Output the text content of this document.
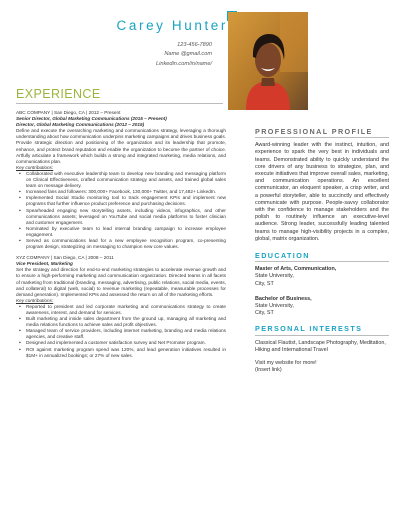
Carey Hunter
123-456-7890
Name @gmail.com
Linkedin.com/in/name/
EXPERIENCE

ABC COMPANY | San Diego, CA | 2012 – Present

Senior Director, Global Marketing Communications (2015 – Present)

Director, Global Marketing Communications (2012 – 2015)

Define and execute the overarching marketing and communications strategy, leveraging a thorough understanding about how communication underpins marketing campaigns and drives business goals. Provide strategic direction and positioning of the organization and its leadership that promote, enhance, and protect brand reputation and enable the organization to become the partner of choice. Artfully articulate a framework which builds a strong and integrated marketing, media relations, and communications plan.

Key contributions:

▪ Collaborated with executive leadership team to develop new branding and messaging platform on Clinical Effectiveness, crafted communication strategy and assets, and trained global sales team on message delivery.
▪ Increased fans and followers: 300,000+ Facebook, 130,000+ Twitter, and 17,482+ LinkedIn.
▪ Implemented Social Studio monitoring tool to track engagement KPIs and implement new programs that further influence product preference and purchasing decisions.
▪ Spearheaded engaging new storytelling assets, including videos, infographics, and other communications assets; leveraged on YouTube and social media platforms to foster clinician and customer engagement.
▪ Nominated by executive team to lead internal branding campaign to increase employee engagement.
▪ Served as communications lead for a new employee recognition program, co-presenting program design, strategizing on messaging to champion new core values.

XYZ COMPANY | San Diego, CA | 2008 – 2011

Vice President, Marketing

Set the strategy and direction for end-to-end marketing strategies to accelerate revenue growth and to ensure a high-performing marketing and communication organization. Directed teams in all facets of marketing from traditional (branding, messaging, advertising, public relations, social media, events, and collateral) to digital (web, social) to revenue marketing (repeatable, measurable processes for demand generation). Implemented KPIs and assessed the return on all of the marketing efforts.

Key contributions:

▪ Reported to president and led corporate marketing and communications strategy to create awareness, interest, and demand for services.
▪ Built marketing and inside sales department from the ground up, managing all marketing and media relations functions to achieve sales and profit objectives.
▪ Managed team of service providers, including internet marketing, branding and media relations agencies, and creative staff.
▪ Designed and implemented a customer satisfaction survey and Net Promoter program.
▪ ROI against marketing program spend was 120%, and lead generation initiatives resulted in $1M+ in annualized bookings; or 27% of new sales.
PROFESSIONAL PROFILE

Award-winning leader with the instinct, intuition, and experience to spark the very best in individuals and teams. Demonstrated ability to quickly understand the core drivers of any business to strategize, plan, and execute initiatives that improve overall sales, marketing, and communication operations. An excellent communicator, an eloquent speaker, a crisp writer, and a powerful storyteller, able to succinctly and effectively communicate with purpose. People-savvy collaborator with the confidence to manage stakeholders and the polish to routinely influence an executive-level audience. Strong leader, successfully leading talented teams to manage high-visibility projects in a complex, global, matrix organization.

EDUCATION
Master of Arts, Communication,
State University,
City, ST
Bachelor of Business,
State University,
City, ST
PERSONAL INTERESTS

Classical Flautist, Landscape Photography, Meditation, Hiking and International Travel

Visit my website for more!
(Insert link)
